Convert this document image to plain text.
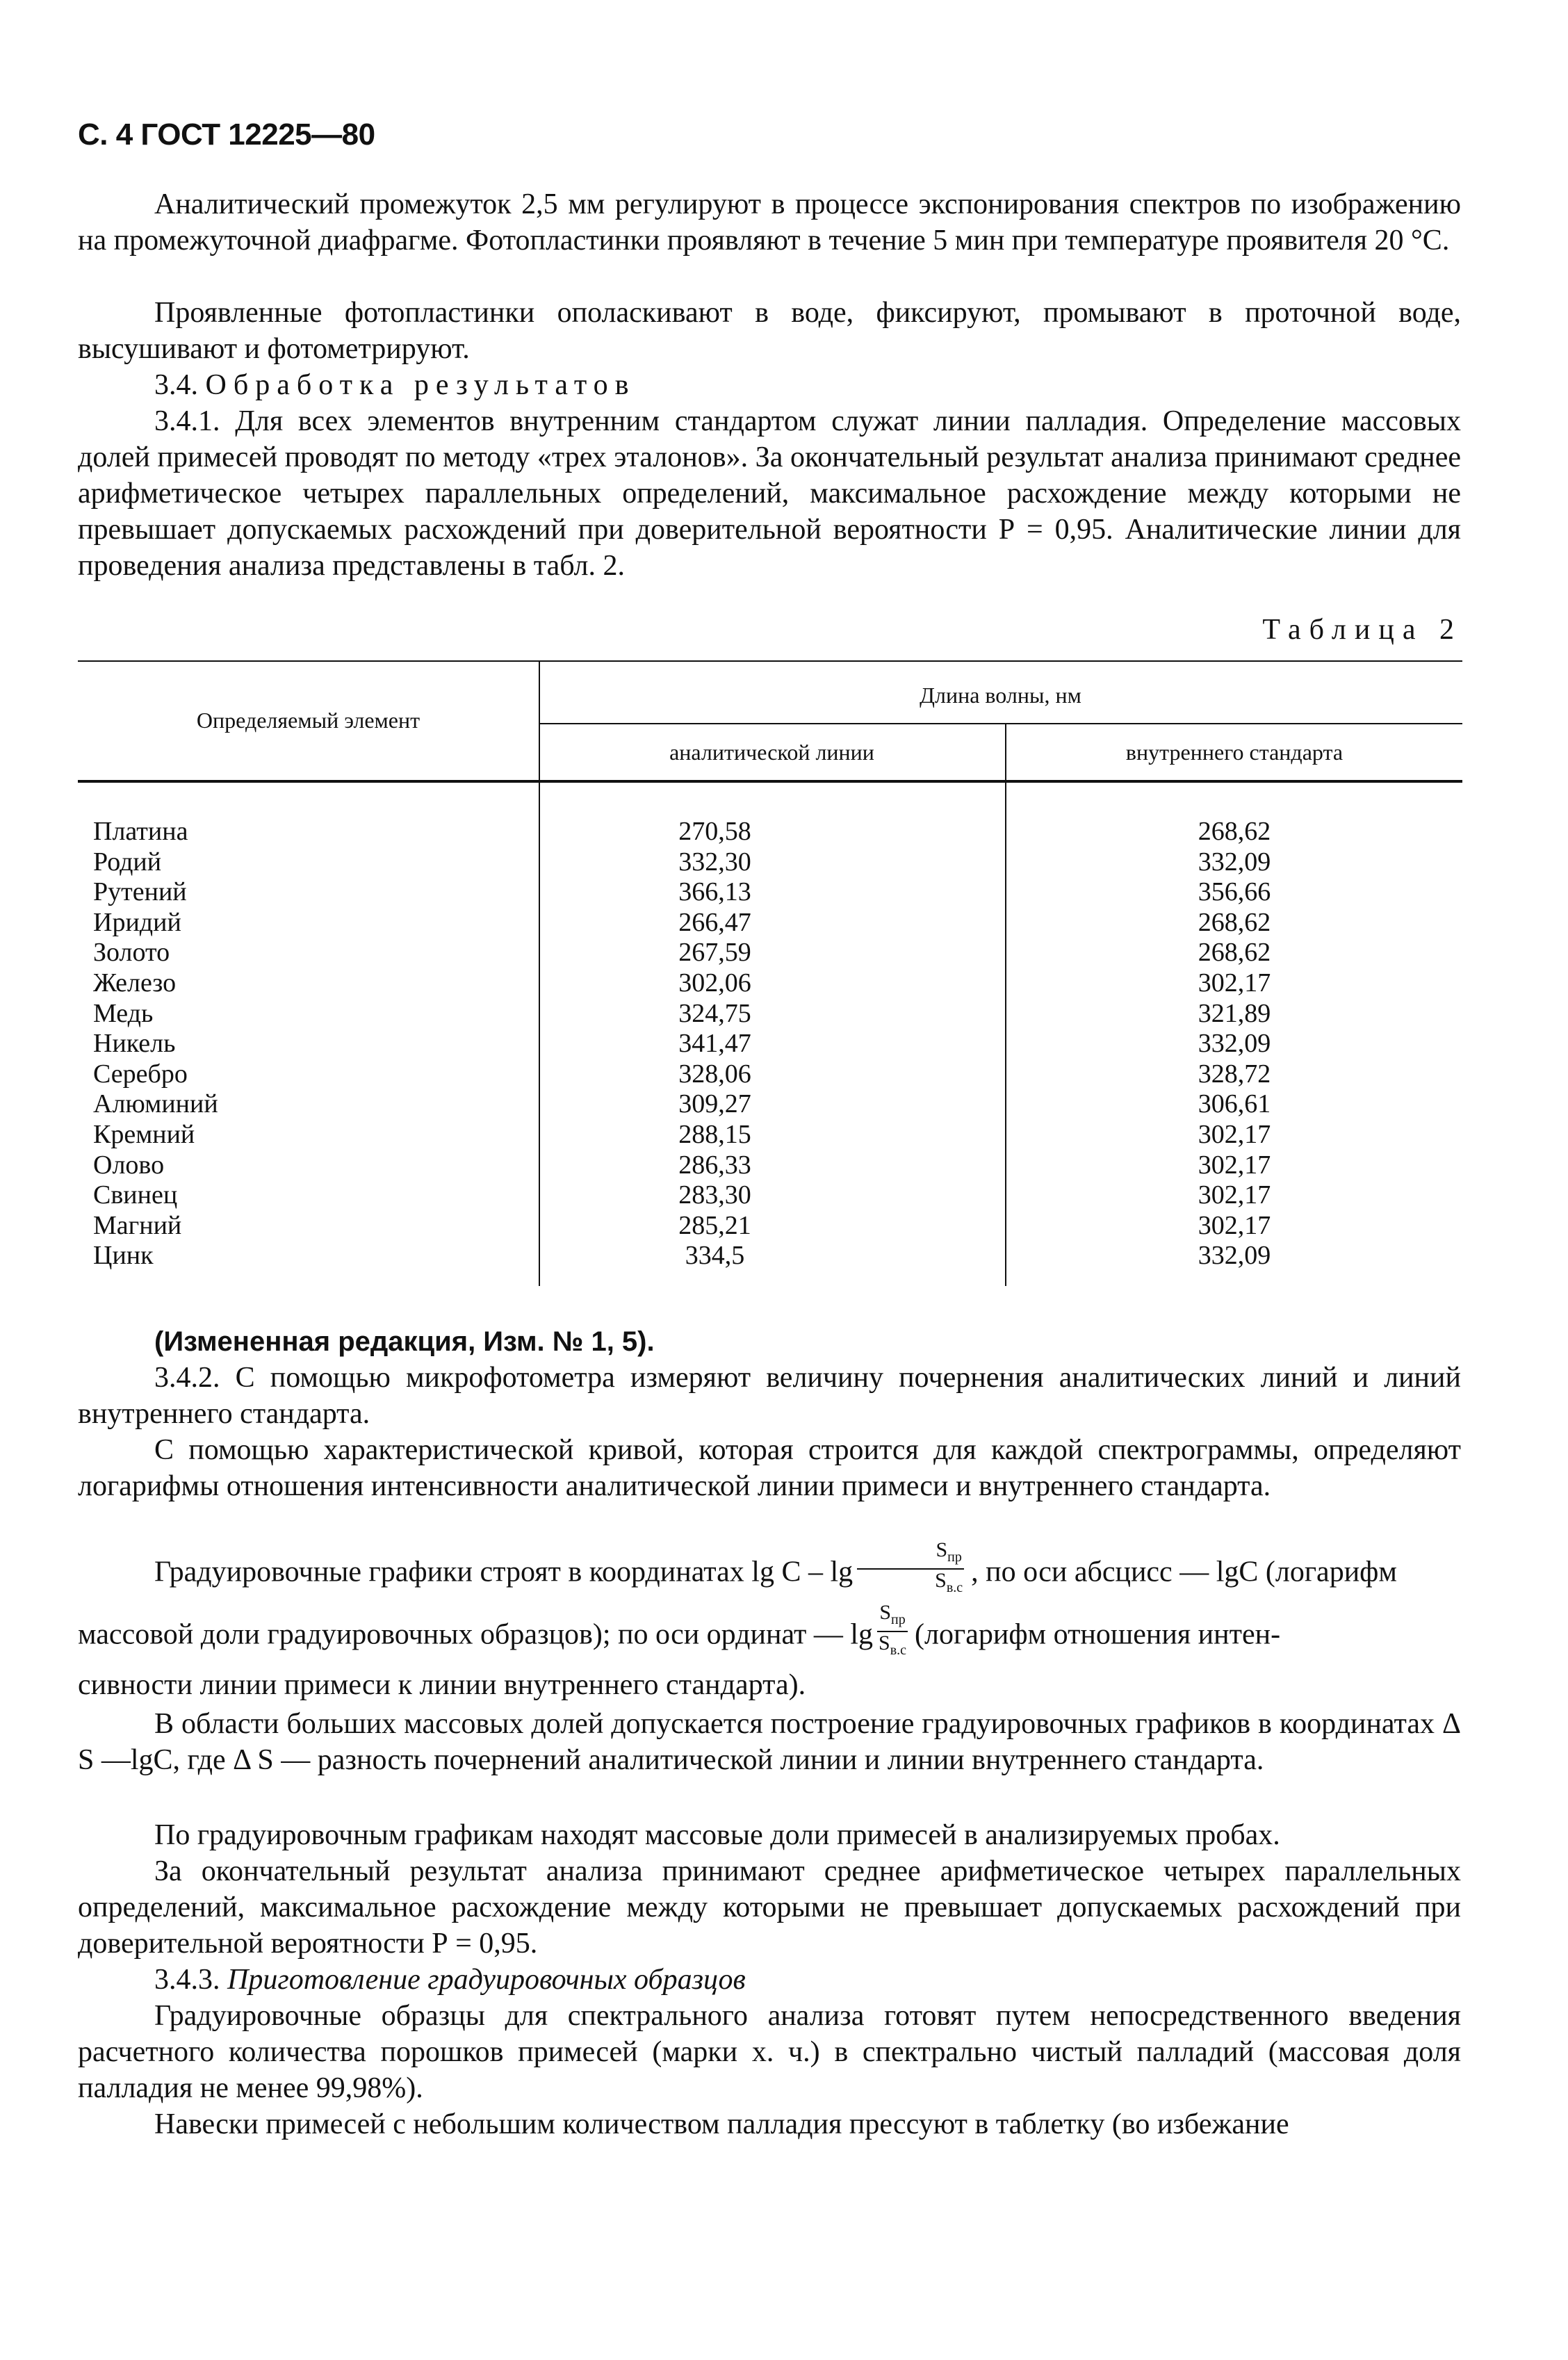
С. 4 ГОСТ 12225—80

Аналитический промежуток 2,5 мм регулируют в процессе экспонирования спектров по изображению на промежуточной диафрагме. Фотопластинки проявляют в течение 5 мин при температуре проявителя 20 °С.

Проявленные фотопластинки ополаскивают в воде, фиксируют, промывают в проточной воде, высушивают и фотометрируют.

3.4. Обработка результатов

3.4.1. Для всех элементов внутренним стандартом служат линии палладия. Определение массовых долей примесей проводят по методу «трех эталонов». За окончательный результат анализа принимают среднее арифметическое четырех параллельных определений, максимальное расхождение между которыми не превышает допускаемых расхождений при доверительной вероятности Р = 0,95. Аналитические линии для проведения анализа представлены в табл. 2.

Таблица 2
Определяемый элемент
Длина волны, нм
аналитической линии	внутреннего стандарта
Платина	270,58	268,62
Родий	332,30	332,09
Рутений	366,13	356,66
Иридий	266,47	268,62
Золото	267,59	268,62
Железо	302,06	302,17
Медь	324,75	321,89
Никель	341,47	332,09
Серебро	328,06	328,72
Алюминий	309,27	306,61
Кремний	288,15	302,17
Олово	286,33	302,17
Свинец	283,30	302,17
Магний	285,21	302,17
Цинк	334,5	332,09

(Измененная редакция, Изм. № 1, 5).

3.4.2. С помощью микрофотометра измеряют величину почернения аналитических линий и линий внутреннего стандарта.

С помощью характеристической кривой, которая строится для каждой спектрограммы, определяют логарифмы отношения интенсивности аналитической линии примеси и внутреннего стандарта.

Градуировочные графики строят в координатах lg С – $\lg \frac{S_{пр}}{S_{в.с}}$ , по оси абсцисс — lgС (логарифм

массовой доли градуировочных образцов); по оси ординат — $\lg \frac{S_{пр}}{S_{в.с}}$ (логарифм отношения интен-

сивности линии примеси к линии внутреннего стандарта).

В области больших массовых долей допускается построение градуировочных графиков в координатах Δ S —lgС, где Δ S — разность почернений аналитической линии и линии внутреннего стандарта.

По градуировочным графикам находят массовые доли примесей в анализируемых пробах.

За окончательный результат анализа принимают среднее арифметическое четырех параллельных определений, максимальное расхождение между которыми не превышает допускаемых расхождений при доверительной вероятности Р = 0,95.

3.4.3. Приготовление градуировочных образцов

Градуировочные образцы для спектрального анализа готовят путем непосредственного введения расчетного количества порошков примесей (марки х. ч.) в спектрально чистый палладий (массовая доля палладия не менее 99,98%).

Навески примесей с небольшим количеством палладия прессуют в таблетку (во избежание
